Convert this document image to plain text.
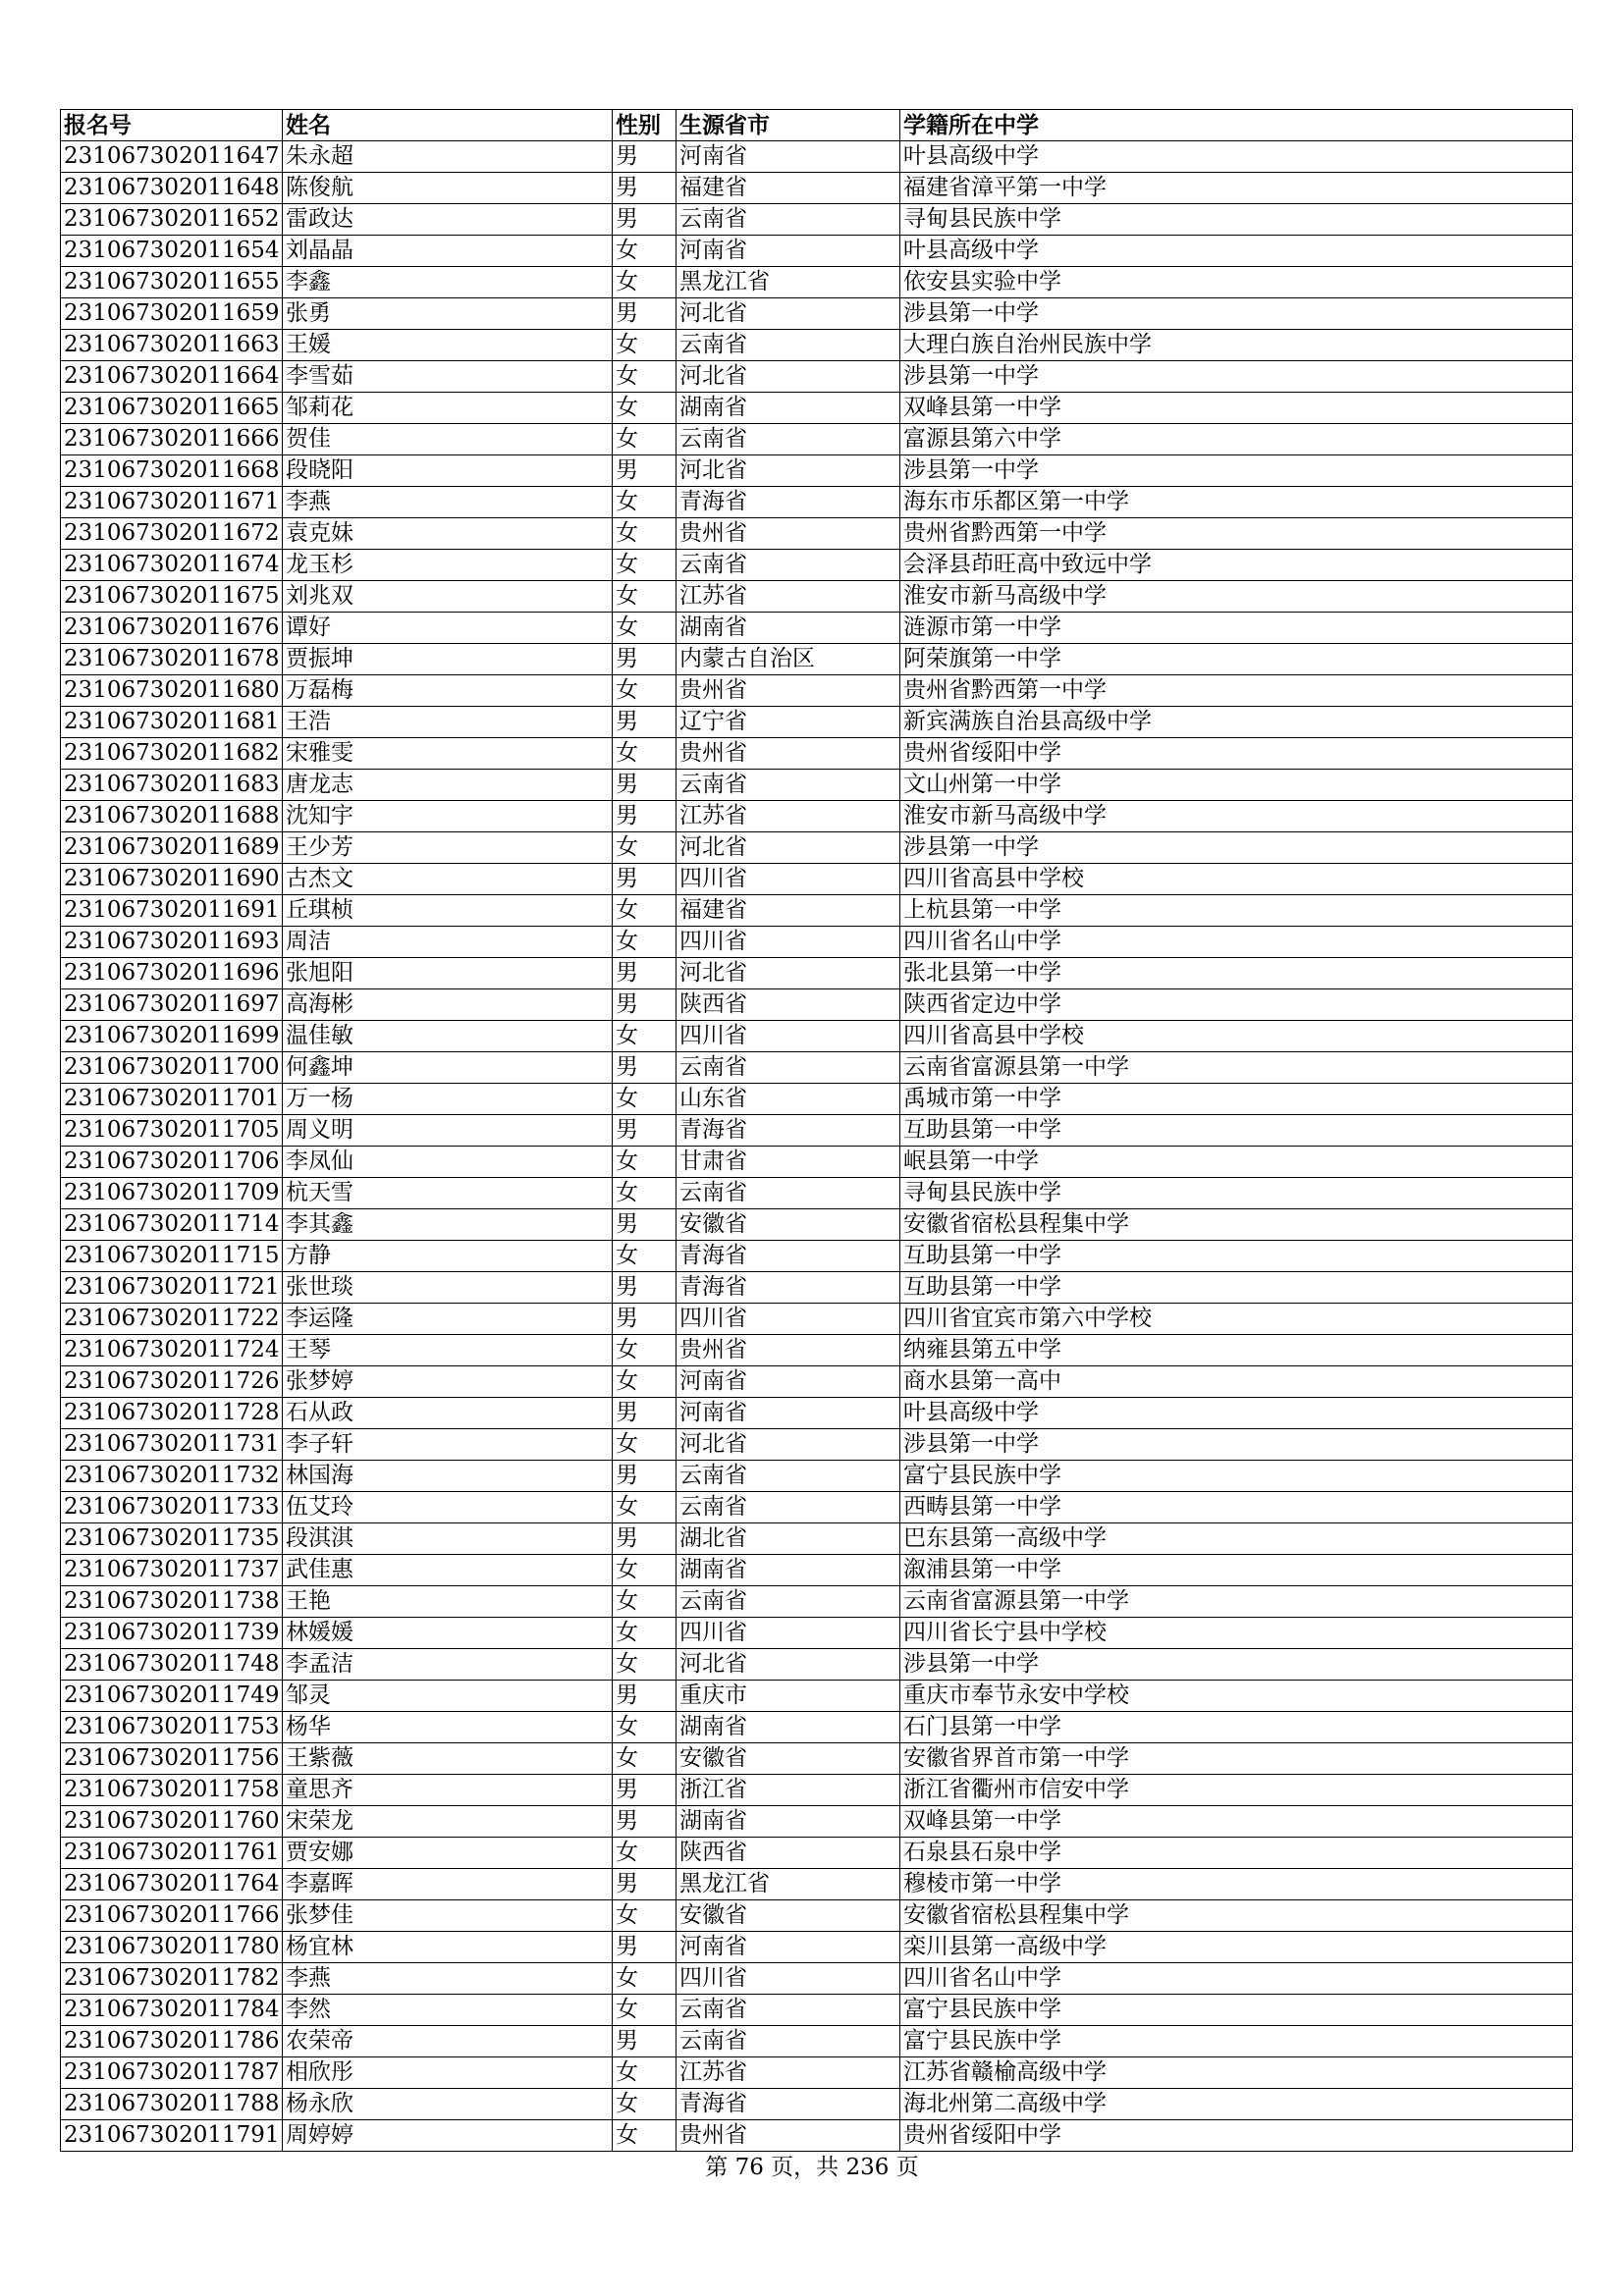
报名号	姓名	性别	生源省市	学籍所在中学
231067302011647	朱永超	男	河南省	叶县高级中学
231067302011648	陈俊航	男	福建省	福建省漳平第一中学
231067302011652	雷政达	男	云南省	寻甸县民族中学
231067302011654	刘晶晶	女	河南省	叶县高级中学
231067302011655	李鑫	女	黑龙江省	依安县实验中学
231067302011659	张勇	男	河北省	涉县第一中学
231067302011663	王媛	女	云南省	大理白族自治州民族中学
231067302011664	李雪茹	女	河北省	涉县第一中学
231067302011665	邹莉花	女	湖南省	双峰县第一中学
231067302011666	贺佳	女	云南省	富源县第六中学
231067302011668	段晓阳	男	河北省	涉县第一中学
231067302011671	李燕	女	青海省	海东市乐都区第一中学
231067302011672	袁克妹	女	贵州省	贵州省黔西第一中学
231067302011674	龙玉杉	女	云南省	会泽县茚旺高中致远中学
231067302011675	刘兆双	女	江苏省	淮安市新马高级中学
231067302011676	谭好	女	湖南省	涟源市第一中学
231067302011678	贾振坤	男	内蒙古自治区	阿荣旗第一中学
231067302011680	万磊梅	女	贵州省	贵州省黔西第一中学
231067302011681	王浩	男	辽宁省	新宾满族自治县高级中学
231067302011682	宋雅雯	女	贵州省	贵州省绥阳中学
231067302011683	唐龙志	男	云南省	文山州第一中学
231067302011688	沈知宇	男	江苏省	淮安市新马高级中学
231067302011689	王少芳	女	河北省	涉县第一中学
231067302011690	古杰文	男	四川省	四川省高县中学校
231067302011691	丘琪桢	女	福建省	上杭县第一中学
231067302011693	周洁	女	四川省	四川省名山中学
231067302011696	张旭阳	男	河北省	张北县第一中学
231067302011697	高海彬	男	陕西省	陕西省定边中学
231067302011699	温佳敏	女	四川省	四川省高县中学校
231067302011700	何鑫坤	男	云南省	云南省富源县第一中学
231067302011701	万一杨	女	山东省	禹城市第一中学
231067302011705	周义明	男	青海省	互助县第一中学
231067302011706	李凤仙	女	甘肃省	岷县第一中学
231067302011709	杭天雪	女	云南省	寻甸县民族中学
231067302011714	李其鑫	男	安徽省	安徽省宿松县程集中学
231067302011715	方静	女	青海省	互助县第一中学
231067302011721	张世琰	男	青海省	互助县第一中学
231067302011722	李运隆	男	四川省	四川省宜宾市第六中学校
231067302011724	王琴	女	贵州省	纳雍县第五中学
231067302011726	张梦婷	女	河南省	商水县第一高中
231067302011728	石从政	男	河南省	叶县高级中学
231067302011731	李子轩	女	河北省	涉县第一中学
231067302011732	林国海	男	云南省	富宁县民族中学
231067302011733	伍艾玲	女	云南省	西畴县第一中学
231067302011735	段淇淇	男	湖北省	巴东县第一高级中学
231067302011737	武佳惠	女	湖南省	溆浦县第一中学
231067302011738	王艳	女	云南省	云南省富源县第一中学
231067302011739	林媛媛	女	四川省	四川省长宁县中学校
231067302011748	李孟洁	女	河北省	涉县第一中学
231067302011749	邹灵	男	重庆市	重庆市奉节永安中学校
231067302011753	杨华	女	湖南省	石门县第一中学
231067302011756	王紫薇	女	安徽省	安徽省界首市第一中学
231067302011758	童思齐	男	浙江省	浙江省衢州市信安中学
231067302011760	宋荣龙	男	湖南省	双峰县第一中学
231067302011761	贾安娜	女	陕西省	石泉县石泉中学
231067302011764	李嘉晖	男	黑龙江省	穆棱市第一中学
231067302011766	张梦佳	女	安徽省	安徽省宿松县程集中学
231067302011780	杨宜林	男	河南省	栾川县第一高级中学
231067302011782	李燕	女	四川省	四川省名山中学
231067302011784	李然	女	云南省	富宁县民族中学
231067302011786	农荣帝	男	云南省	富宁县民族中学
231067302011787	相欣彤	女	江苏省	江苏省赣榆高级中学
231067302011788	杨永欣	女	青海省	海北州第二高级中学
231067302011791	周婷婷	女	贵州省	贵州省绥阳中学
第 76 页，共 236 页
